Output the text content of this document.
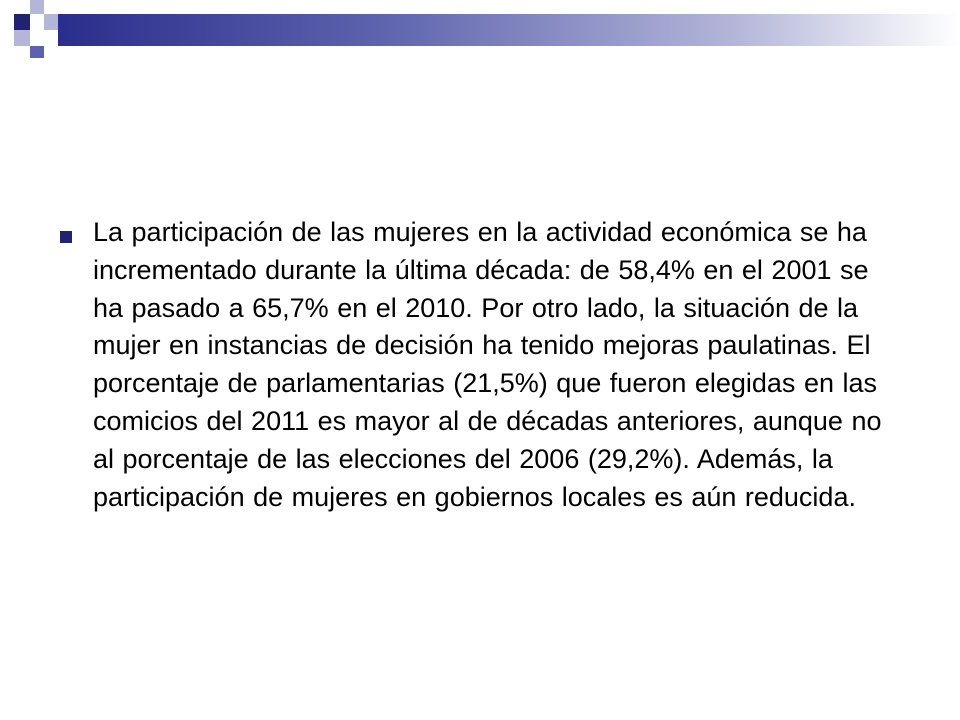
La participación de las mujeres en la actividad económica se ha incrementado durante la última década: de 58,4% en el 2001 se ha pasado a 65,7% en el 2010. Por otro lado, la situación de la mujer en instancias de decisión ha tenido mejoras paulatinas. El porcentaje de parlamentarias (21,5%) que fueron elegidas en las comicios del 2011 es mayor al de décadas anteriores, aunque no al porcentaje de las elecciones del 2006 (29,2%). Además, la participación de mujeres en gobiernos locales es aún reducida.
